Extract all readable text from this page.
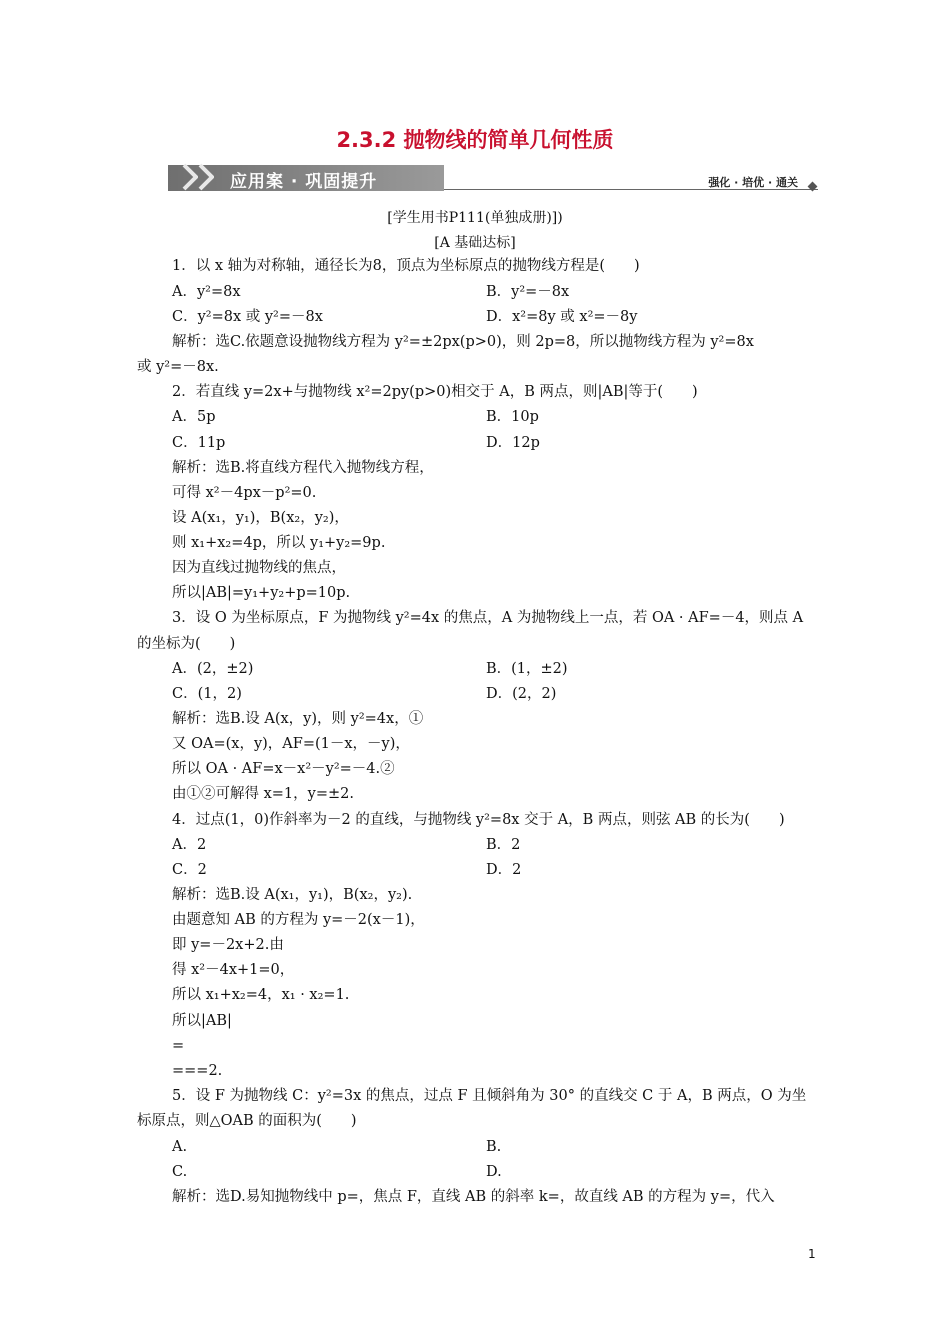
2.3.2 抛物线的简单几何性质
应用案 · 巩固提升	强化 · 培优 · 通关
[学生用书P111(单独成册)])
[A 基础达标]
1．以 x 轴为对称轴，通径长为8，顶点为坐标原点的抛物线方程是(　　)
A．y²=8x	B．y²=－8x
C．y²=8x 或 y²=－8x	D．x²=8y 或 x²=－8y
解析：选C.依题意设抛物线方程为 y²=±2px(p>0)，则 2p=8，所以抛物线方程为 y²=8x
或 y²=－8x.
2．若直线 y=2x+与抛物线 x²=2py(p>0)相交于 A，B 两点，则|AB|等于(　　)
A．5p	B．10p
C．11p	D．12p
解析：选B.将直线方程代入抛物线方程，
可得 x²－4px－p²=0.
设 A(x₁，y₁)，B(x₂，y₂)，
则 x₁+x₂=4p，所以 y₁+y₂=9p.
因为直线过抛物线的焦点，
所以|AB|=y₁+y₂+p=10p.
3．设 O 为坐标原点，F 为抛物线 y²=4x 的焦点，A 为抛物线上一点，若 OA · AF=－4，则点 A
的坐标为(　　)
A．(2，±2)	B．(1，±2)
C．(1，2)	D．(2，2)
解析：选B.设 A(x，y)，则 y²=4x，①
又 OA=(x，y)，AF=(1－x，－y)，
所以 OA · AF=x－x²－y²=－4.②
由①②可解得 x=1，y=±2.
4．过点(1，0)作斜率为－2 的直线，与抛物线 y²=8x 交于 A，B 两点，则弦 AB 的长为(　　)
A．2	B．2
C．2	D．2
解析：选B.设 A(x₁，y₁)，B(x₂，y₂).
由题意知 AB 的方程为 y=－2(x－1)，
即 y=－2x+2.由
得 x²－4x+1=0，
所以 x₁+x₂=4，x₁ · x₂=1.
所以|AB|
=
===2.
5．设 F 为抛物线 C：y²=3x 的焦点，过点 F 且倾斜角为 30° 的直线交 C 于 A，B 两点，O 为坐
标原点，则△OAB 的面积为(　　)
A.	B.
C.	D.
解析：选D.易知抛物线中 p=，焦点 F，直线 AB 的斜率 k=，故直线 AB 的方程为 y=，代入
1
